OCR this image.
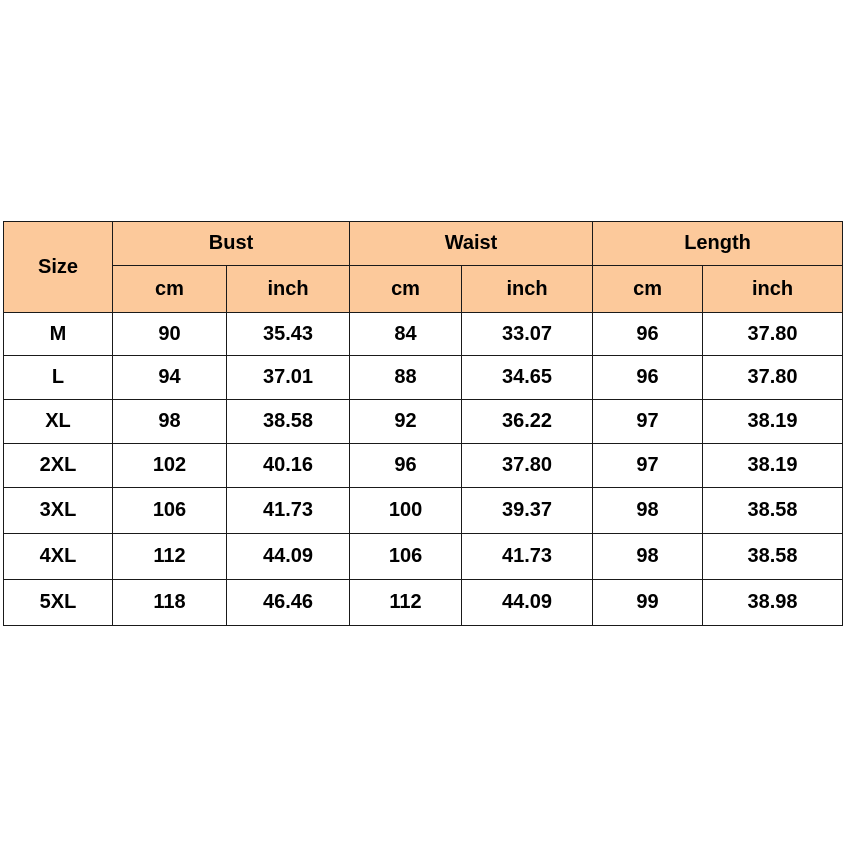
Size	Bust		Waist		Length	
	cm	inch	cm	inch	cm	inch
M	90	35.43	84	33.07	96	37.80
L	94	37.01	88	34.65	96	37.80
XL	98	38.58	92	36.22	97	38.19
2XL	102	40.16	96	37.80	97	38.19
3XL	106	41.73	100	39.37	98	38.58
4XL	112	44.09	106	41.73	98	38.58
5XL	118	46.46	112	44.09	99	38.98
